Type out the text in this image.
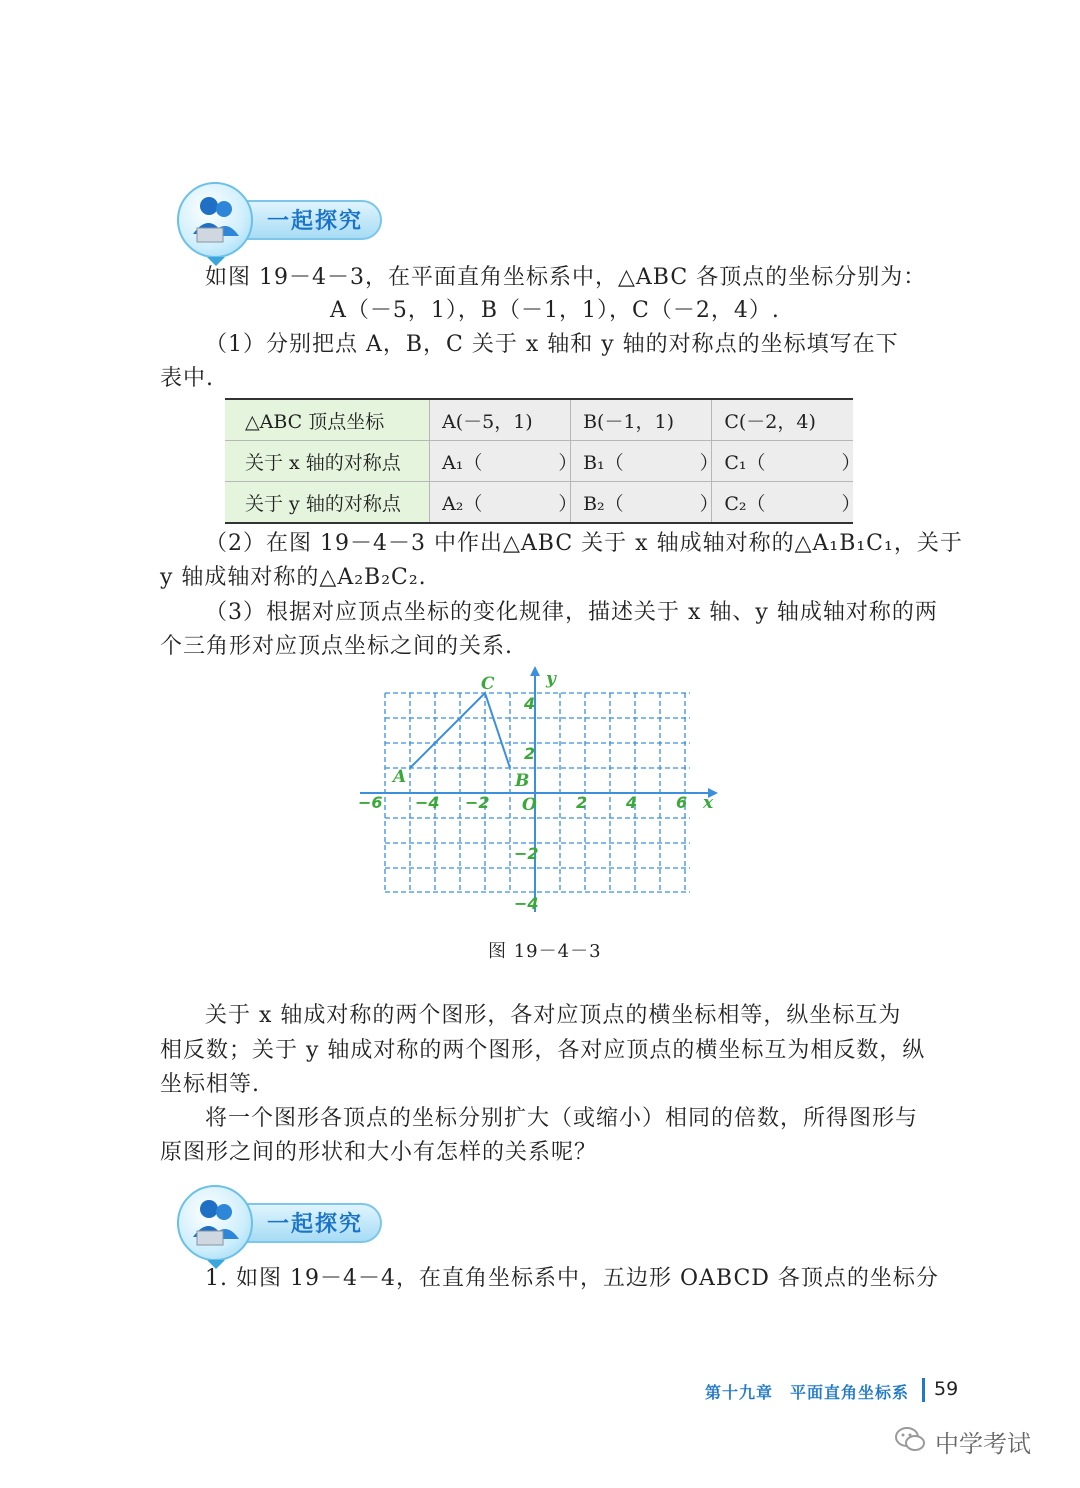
一起探究
如图 19－4－3，在平面直角坐标系中，△ABC 各顶点的坐标分别为：
A（－5，1），B（－1，1），C（－2，4）.
（1）分别把点 A，B，C 关于 x 轴和 y 轴的对称点的坐标填写在下
表中.
△ABC 顶点坐标	A(－5，1)	B(－1，1)	C(－2，4)
关于 x 轴的对称点	A₁（　　　　）	B₁（　　　　）	C₁（　　　　）
关于 y 轴的对称点	A₂（　　　　）	B₂（　　　　）	C₂（　　　　）
（2）在图 19－4－3 中作出△ABC 关于 x 轴成轴对称的△A₁B₁C₁，关于
y 轴成轴对称的△A₂B₂C₂.
（3）根据对应顶点坐标的变化规律，描述关于 x 轴、y 轴成轴对称的两
个三角形对应顶点坐标之间的关系.
x
y
O
A	B
C
−6 −4 −2	2 4 6
4
2
−2
−4
图 19－4－3
关于 x 轴成对称的两个图形，各对应顶点的横坐标相等，纵坐标互为
相反数；关于 y 轴成对称的两个图形，各对应顶点的横坐标互为相反数，纵
坐标相等.
将一个图形各顶点的坐标分别扩大（或缩小）相同的倍数，所得图形与
原图形之间的形状和大小有怎样的关系呢？
一起探究
1. 如图 19－4－4，在直角坐标系中，五边形 OABCD 各顶点的坐标分
第十九章　平面直角坐标系 59
中学考试
